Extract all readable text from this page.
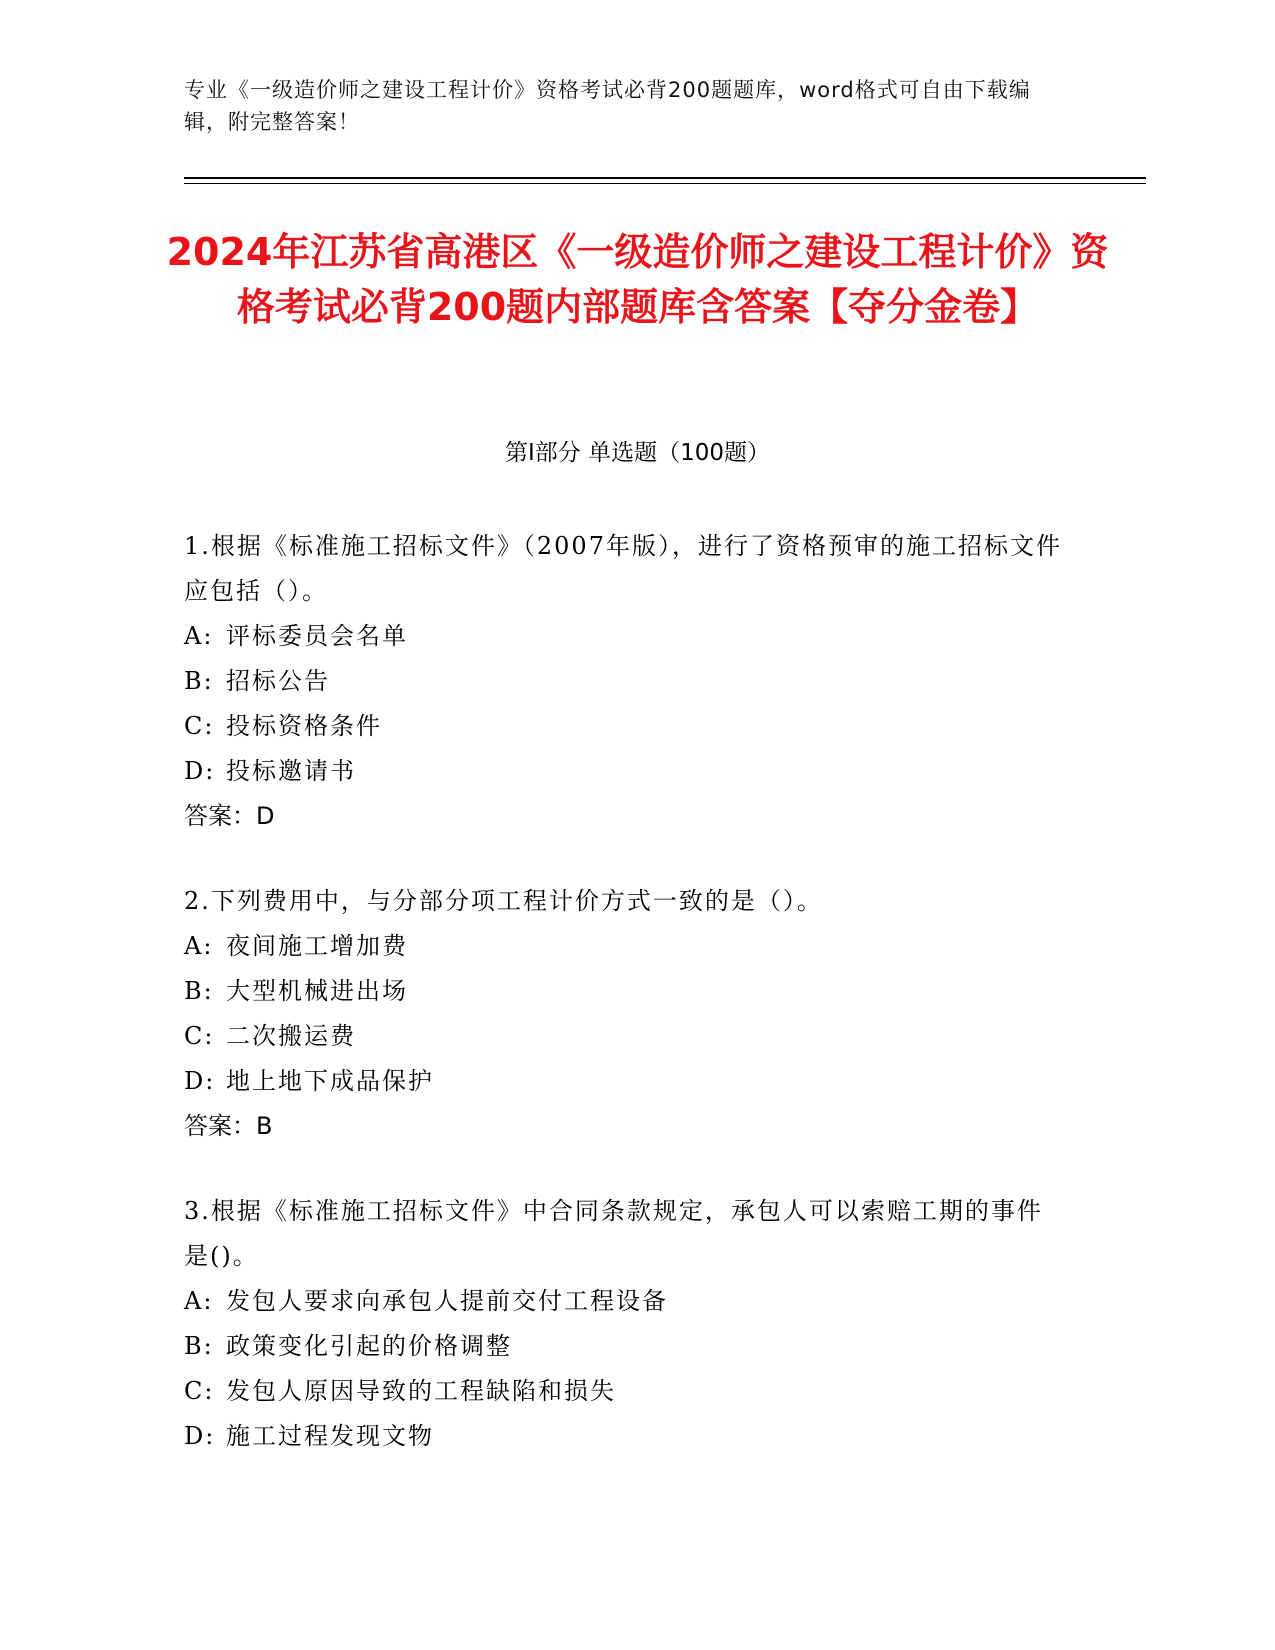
专业《一级造价师之建设工程计价》资格考试必背200题题库，word格式可自由下载编辑，附完整答案！
2024年江苏省高港区《一级造价师之建设工程计价》资格考试必背200题内部题库含答案【夺分金卷】
第I部分 单选题（100题）

1.根据《标准施工招标文件》（2007年版），进行了资格预审的施工招标文件应包括（）。

A: 评标委员会名单

B: 招标公告

C: 投标资格条件

D: 投标邀请书

答案：D

2.下列费用中，与分部分项工程计价方式一致的是（）。

A: 夜间施工增加费

B: 大型机械进出场

C: 二次搬运费

D: 地上地下成品保护

答案：B

3.根据《标准施工招标文件》中合同条款规定，承包人可以索赔工期的事件是()。

A: 发包人要求向承包人提前交付工程设备

B: 政策变化引起的价格调整

C: 发包人原因导致的工程缺陷和损失

D: 施工过程发现文物
